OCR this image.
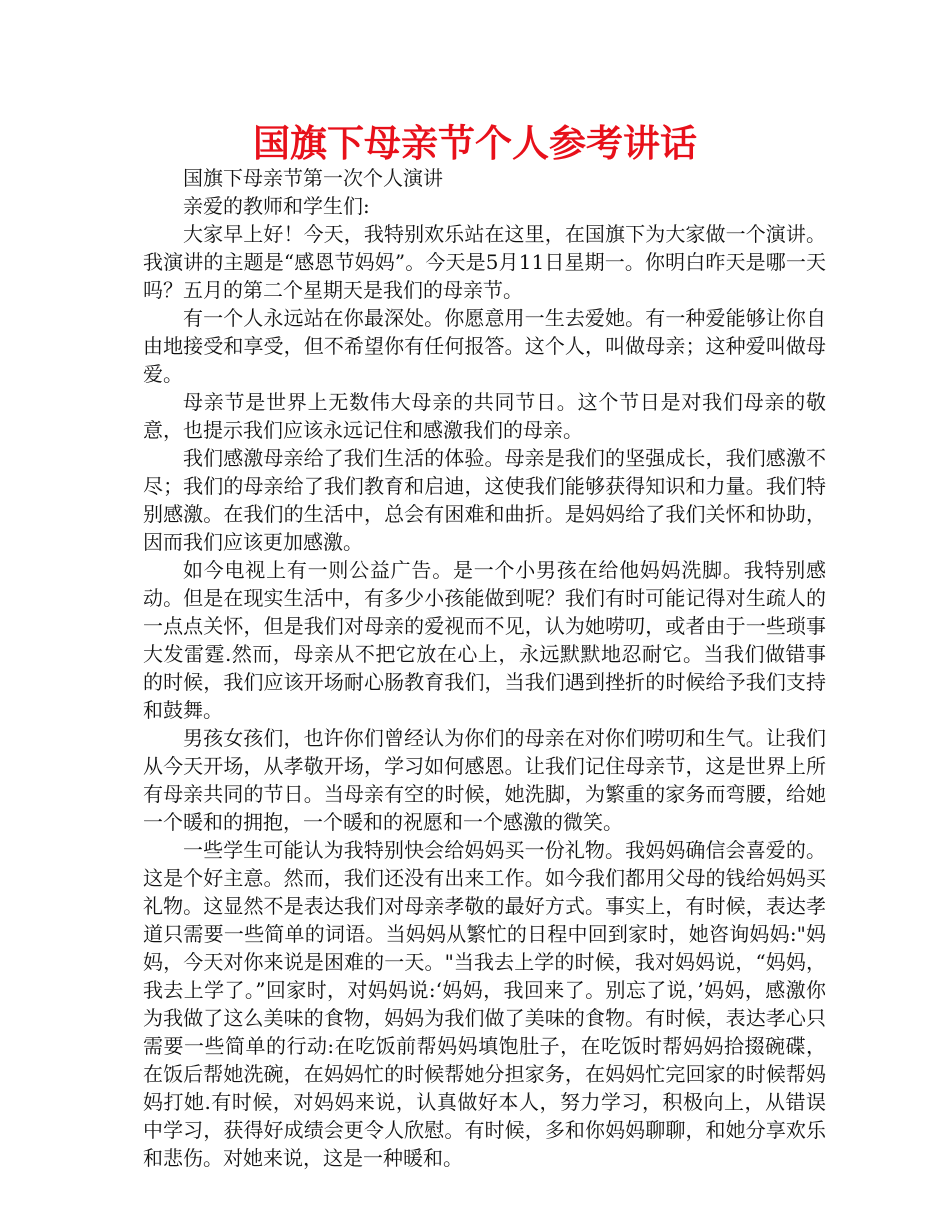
国旗下母亲节个人参考讲话

国旗下母亲节第一次个人演讲

亲爱的教师和学生们:

大家早上好！今天，我特别欢乐站在这里，在国旗下为大家做一个演讲。我演讲的主题是“感恩节妈妈”。今天是5月11日星期一。你明白昨天是哪一天吗？五月的第二个星期天是我们的母亲节。

有一个人永远站在你最深处。你愿意用一生去爱她。有一种爱能够让你自由地接受和享受，但不希望你有任何报答。这个人，叫做母亲；这种爱叫做母爱。

母亲节是世界上无数伟大母亲的共同节日。这个节日是对我们母亲的敬意，也提示我们应该永远记住和感激我们的母亲。

我们感激母亲给了我们生活的体验。母亲是我们的坚强成长，我们感激不尽；我们的母亲给了我们教育和启迪，这使我们能够获得知识和力量。我们特别感激。在我们的生活中，总会有困难和曲折。是妈妈给了我们关怀和协助，因而我们应该更加感激。

如今电视上有一则公益广告。是一个小男孩在给他妈妈洗脚。我特别感动。但是在现实生活中，有多少小孩能做到呢？我们有时可能记得对生疏人的一点点关怀，但是我们对母亲的爱视而不见，认为她唠叨，或者由于一些琐事大发雷霆.然而，母亲从不把它放在心上，永远默默地忍耐它。当我们做错事的时候，我们应该开场耐心肠教育我们，当我们遇到挫折的时候给予我们支持和鼓舞。

男孩女孩们，也许你们曾经认为你们的母亲在对你们唠叨和生气。让我们从今天开场，从孝敬开场，学习如何感恩。让我们记住母亲节，这是世界上所有母亲共同的节日。当母亲有空的时候，她洗脚，为繁重的家务而弯腰，给她一个暖和的拥抱，一个暖和的祝愿和一个感激的微笑。

一些学生可能认为我特别快会给妈妈买一份礼物。我妈妈确信会喜爱的。这是个好主意。然而，我们还没有出来工作。如今我们都用父母的钱给妈妈买礼物。这显然不是表达我们对母亲孝敬的最好方式。事实上，有时候，表达孝道只需要一些简单的词语。当妈妈从繁忙的日程中回到家时，她咨询妈妈:"妈妈，今天对你来说是困难的一天。"当我去上学的时候，我对妈妈说，“妈妈，我去上学了。”回家时，对妈妈说:‘妈妈，我回来了。别忘了说，’妈妈，感激你为我做了这么美味的食物，妈妈为我们做了美味的食物。有时候，表达孝心只需要一些简单的行动:在吃饭前帮妈妈填饱肚子，在吃饭时帮妈妈拾掇碗碟，在饭后帮她洗碗，在妈妈忙的时候帮她分担家务，在妈妈忙完回家的时候帮妈妈打她.有时候，对妈妈来说，认真做好本人，努力学习，积极向上，从错误中学习，获得好成绩会更令人欣慰。有时候，多和你妈妈聊聊，和她分享欢乐和悲伤。对她来说，这是一种暖和。
